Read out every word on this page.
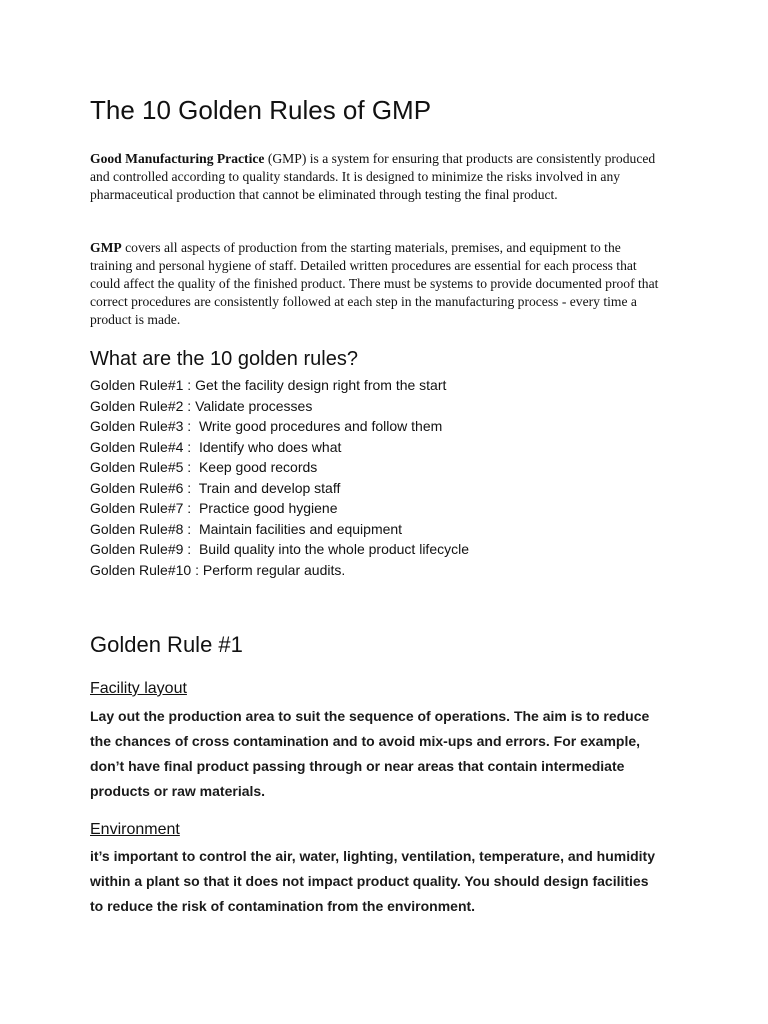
The 10 Golden Rules of GMP

Good Manufacturing Practice (GMP) is a system for ensuring that products are consistently produced and controlled according to quality standards. It is designed to minimize the risks involved in any pharmaceutical production that cannot be eliminated through testing the final product.

GMP covers all aspects of production from the starting materials, premises, and equipment to the training and personal hygiene of staff. Detailed written procedures are essential for each process that could affect the quality of the finished product. There must be systems to provide documented proof that correct procedures are consistently followed at each step in the manufacturing process - every time a product is made.

What are the 10 golden rules?
Golden Rule#1 : Get the facility design right from the start
Golden Rule#2 : Validate processes
Golden Rule#3 :  Write good procedures and follow them
Golden Rule#4 :  Identify who does what
Golden Rule#5 :  Keep good records
Golden Rule#6 :  Train and develop staff
Golden Rule#7 :  Practice good hygiene
Golden Rule#8 :  Maintain facilities and equipment
Golden Rule#9 :  Build quality into the whole product lifecycle
Golden Rule#10 : Perform regular audits.
Golden Rule #1
Facility layout

Lay out the production area to suit the sequence of operations. The aim is to reduce the chances of cross contamination and to avoid mix-ups and errors. For example, don’t have final product passing through or near areas that contain intermediate products or raw materials.

Environment

it’s important to control the air, water, lighting, ventilation, temperature, and humidity within a plant so that it does not impact product quality. You should design facilities to reduce the risk of contamination from the environment.
